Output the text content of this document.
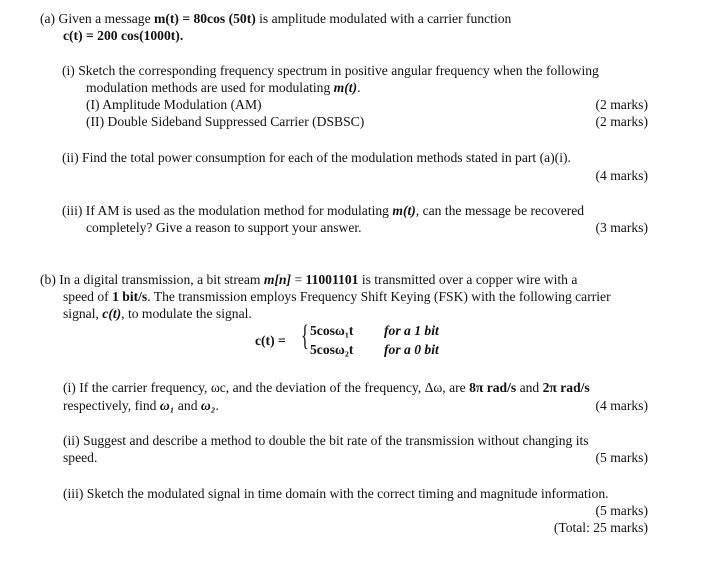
(a) Given a message m(t) = 80cos (50t) is amplitude modulated with a carrier function
c(t) = 200 cos(1000t).
(i) Sketch the corresponding frequency spectrum in positive angular frequency when the following
modulation methods are used for modulating m(t).
(I) Amplitude Modulation (AM)	(2 marks)
(II) Double Sideband Suppressed Carrier (DSBSC)	(2 marks)
(ii) Find the total power consumption for each of the modulation methods stated in part (a)(i).
(4 marks)
(iii) If AM is used as the modulation method for modulating m(t), can the message be recovered
completely? Give a reason to support your answer.	(3 marks)
(b) In a digital transmission, a bit stream m[n] = 11001101 is transmitted over a copper wire with a
speed of 1 bit/s. The transmission employs Frequency Shift Keying (FSK) with the following carrier
signal, c(t), to modulate the signal.
c(t) = { 5cosω₁t for a 1 bit
5cosω₂t for a 0 bit
(i) If the carrier frequency, ωc, and the deviation of the frequency, Δω, are 8π rad/s and 2π rad/s
respectively, find ω₁ and ω₂.	(4 marks)
(ii) Suggest and describe a method to double the bit rate of the transmission without changing its
speed.	(5 marks)
(iii) Sketch the modulated signal in time domain with the correct timing and magnitude information.
(5 marks)
(Total: 25 marks)
